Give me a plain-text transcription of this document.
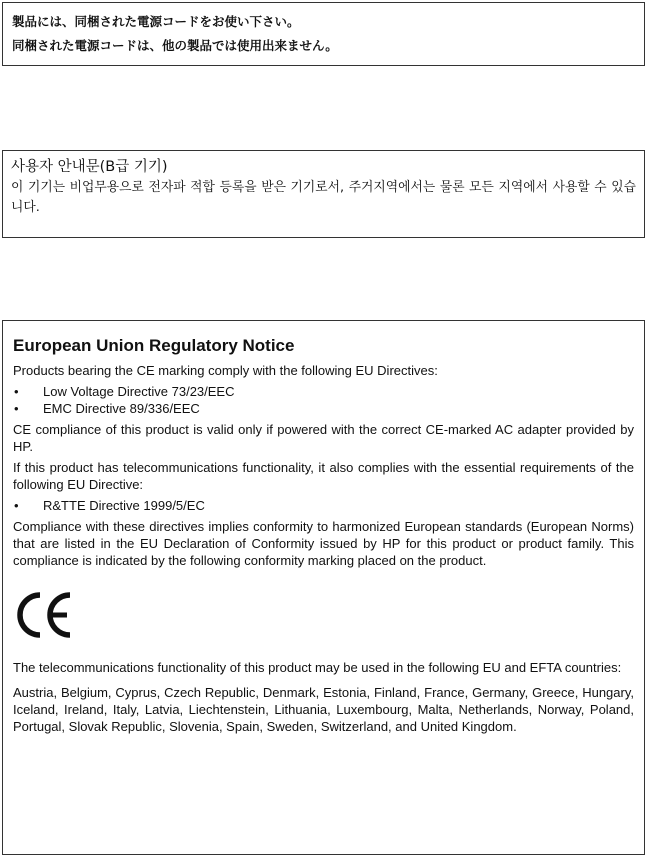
製品には、同梱された電源コードをお使い下さい。
同梱された電源コードは、他の製品では使用出来ません。
사용자 안내문(B급 기기)
이 기기는 비업무용으로 전자파 적합 등록을 받은 기기로서, 주거지역에서는 물론 모든 지역에서 사용할 수 있습니다.
European Union Regulatory Notice

Products bearing the CE marking comply with the following EU Directives:

• Low Voltage Directive 73/23/EEC
• EMC Directive 89/336/EEC

CE compliance of this product is valid only if powered with the correct CE-marked AC adapter provided by HP.

If this product has telecommunications functionality, it also complies with the essential requirements of the following EU Directive:

• R&TTE Directive 1999/5/EC

Compliance with these directives implies conformity to harmonized European standards (European Norms) that are listed in the EU Declaration of Conformity issued by HP for this product or product family. This compliance is indicated by the following conformity marking placed on the product.

The telecommunications functionality of this product may be used in the following EU and EFTA countries:

Austria, Belgium, Cyprus, Czech Republic, Denmark, Estonia, Finland, France, Germany, Greece, Hungary, Iceland, Ireland, Italy, Latvia, Liechtenstein, Lithuania, Luxembourg, Malta, Netherlands, Norway, Poland, Portugal, Slovak Republic, Slovenia, Spain, Sweden, Switzerland, and United Kingdom.
